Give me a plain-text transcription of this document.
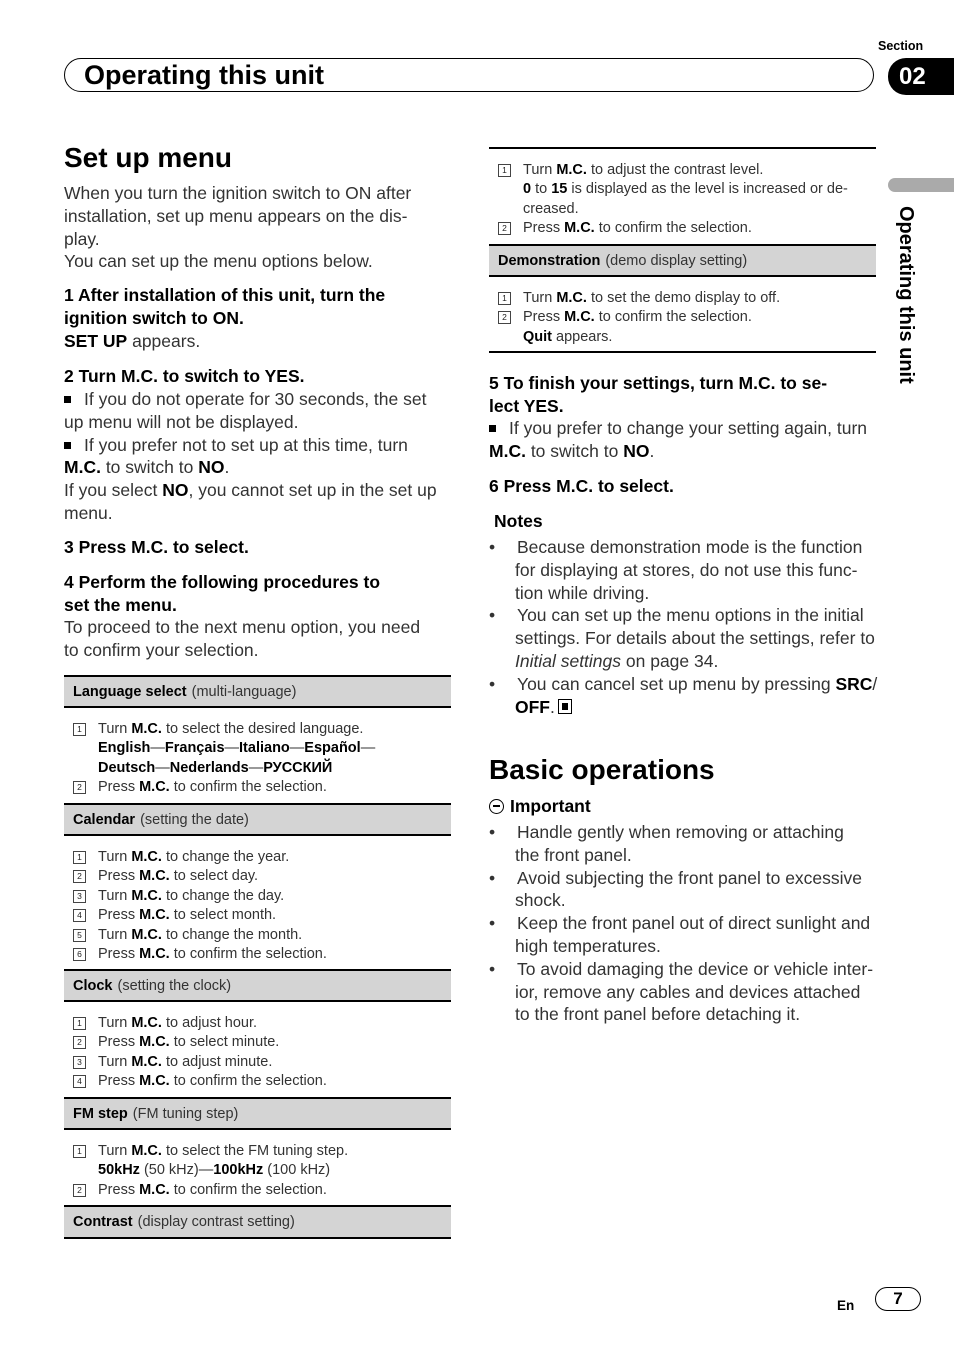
Operating this unit
Section
02
Operating this unit
Set up menu
When you turn the ignition switch to ON after
installation, set up menu appears on the dis-
play.
You can set up the menu options below.
1 After installation of this unit, turn the
ignition switch to ON.
SET UP appears.
2 Turn M.C. to switch to YES.
If you do not operate for 30 seconds, the set
up menu will not be displayed.
If you prefer not to set up at this time, turn
M.C. to switch to NO.
If you select NO, you cannot set up in the set up
menu.
3 Press M.C. to select.
4 Perform the following procedures to
set the menu.
To proceed to the next menu option, you need
to confirm your selection.
Language select (multi-language)
1 Turn M.C. to select the desired language.
English—Français—Italiano—Español—
Deutsch—Nederlands—РУССКИЙ
2 Press M.C. to confirm the selection.
Calendar (setting the date)
1 Turn M.C. to change the year.
2 Press M.C. to select day.
3 Turn M.C. to change the day.
4 Press M.C. to select month.
5 Turn M.C. to change the month.
6 Press M.C. to confirm the selection.
Clock (setting the clock)
1 Turn M.C. to adjust hour.
2 Press M.C. to select minute.
3 Turn M.C. to adjust minute.
4 Press M.C. to confirm the selection.
FM step (FM tuning step)
1 Turn M.C. to select the FM tuning step.
50kHz (50 kHz)—100kHz (100 kHz)
2 Press M.C. to confirm the selection.
Contrast (display contrast setting)
1 Turn M.C. to adjust the contrast level.
0 to 15 is displayed as the level is increased or de-
creased.
2 Press M.C. to confirm the selection.
Demonstration (demo display setting)
1 Turn M.C. to set the demo display to off.
2 Press M.C. to confirm the selection.
Quit appears.
5 To finish your settings, turn M.C. to se-
lect YES.
If you prefer to change your setting again, turn
M.C. to switch to NO.
6 Press M.C. to select.
Notes
• Because demonstration mode is the function
for displaying at stores, do not use this func-
tion while driving.
• You can set up the menu options in the initial
settings. For details about the settings, refer to
Initial settings on page 34.
• You can cancel set up menu by pressing SRC/
OFF.
Basic operations
Important
• Handle gently when removing or attaching
the front panel.
• Avoid subjecting the front panel to excessive
shock.
• Keep the front panel out of direct sunlight and
high temperatures.
• To avoid damaging the device or vehicle inter-
ior, remove any cables and devices attached
to the front panel before detaching it.
En	7
